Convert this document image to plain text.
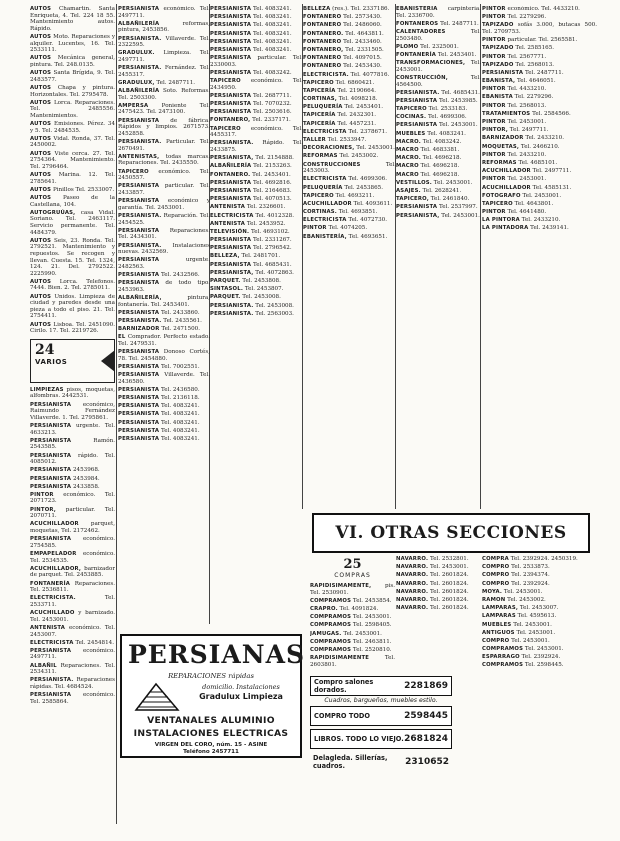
AUTOS Chamartín. Santa Enriqueta, 4. Tel. 224 18 55. Mantenimiento autos. Rápido.

AUTOS Moto. Reparaciones y alquiler. Lucentes, 16. Tel. 2533111.

AUTOS Mecánica general, pintura. Tel. 248.0135.

AUTOS Santa Brígida, 9. Tel. 2483577.

AUTOS Chapa y pintura. Horizontales. Tel. 2795478.

AUTOS Lorca. Reparaciones. Tel. 2485556. Mantenimientos.

AUTOS Emisiones. Pérez. 34 y 5. Tel. 2484535.

AUTOS Vidal. Ronda, 37. Tel. 2450002.

AUTOS Viste cerca. 27. Tel. 2754364. Mantenimiento. Tel. 2796464.

AUTOS Marina. 12. Tel. 2785641.

AUTOS Pinillos Tel. 2533007.

AUTOS Paseo de la Castellana, 104.

AUTOGRUÚAS, casa Vidal. Soriano. Tel. 2463117. Servicio permanente. Tel. 4484379.

AUTOS Seis, 23. Ronda. Tel. 2792521. Mantenimiento y repuestos. Se recogen y llevan. Cuesta. 15. Tel. 1324, 124. 21. Del. 2792522. 2225990.

AUTOS Lorca. Telefonos. 7444. Bien. 2. Tel. 2785011.

AUTOS Unidos. Limpieza de ciudad y paredes desde una pieza a todo el piso. 21. Tel. 2754411.

AUTOS Lisboa. Tel. 2451090. Cirilo. 17. Tel. 2219726.

24
VARIOS

LIMPIEZAS pisos, moquetas, alfombras. 2442531.

PERSIANISTA económico, Raimundo Fernández Villaverde. 1. Tel. 2795861.

PERSIANISTA urgente. Tel. 4633213.

PERSIANISTA	Ramón. 2543585.

PERSIANISTA rápido. Tel. 4085012.

PERSIANISTA 2453968.

PERSIANISTA 2453984.

PERSIANISTA 2433858.

PINTOR económico. Tel. 2071723.

PINTOR, particular. Tel. 2070711.

ACUCHILLADOR parquet, moquetas, Tel. 2172462.

PERSIANISTA económico. 2754585.

EMPAPELADOR económico. Tel. 2534535.

ACUCHILLADOR, barnizador de parquet. Tel. 2453885.

FONTANERÍA Reparaciones. Tel. 2536811.

ELECTRICISTA.	Tel. 2533711.

ACUCHILLADO y barnizado. Tel. 2453001.

ANTENISTA económico. Tel. 2453007.

ELECTRICISTA Tel. 2454814.

PERSIANISTA económico. 2497711.

ALBAÑIL Reparaciones. Tel. 2534311.

PERSIANISTA. Reparaciones rápidas. Tel. 4684524.

PERSIANISTA económico. Tel. 2585864.

PERSIANISTA económico. Tel. 2497711.

ALBAÑILERÍA	reformas, pintura, 2453856.

PERSIANISTA. Villaverde. Tel. 2322595.

GRADULUX. Limpieza. Tel. 2497711.

PERSIANISTA. Fernández. Tel. 2455317.

GRADULUX, Tel. 2487711.

ALBAÑILERÍA Soto. Reformas. Tel. 2503300.

AMPERSA Poniente Tel. 2475423. Tel. 2473100.

PERSIANISTA de fábrica. Rápidos y limpios. 2671573. 2452858.

PERSIANISTA. Particular. Tel. 2670491.

ANTENISTAS, todas marcas. Reparaciones. Tel. 2435550.

TAPICERO económico. Tel. 2450557.

PERSIANISTA particular. Tel. 2433857.

PERSIANISTA económico y garantía. Tel. 2453001.

PERSIANISTA. Reparación. Tel. 2454525.

PERSIANISTA Reparaciones. Tel. 2434301.

PERSIANISTA. Instalaciones nuevas. 2432569.

PERSIANISTA	urgente. 2482563.

PERSIANISTA Tel. 2432566.

PERSIANISTA de todo tipo. 2453963.

ALBAÑILERÍA,	pintura, fontanería. Tel. 2453401.

PERSIANISTA Tel. 2433860.

PERSIANISTA. Tel. 2435561.

BARNIZADOR Tel. 2471500.

EL Comprador. Perfecto estado. Tel. 2479531.

PERSIANISTA Donoso Cortés, 78. Tel. 2454880.

PERSIANISTA Tel. 7002551.

PERSIANISTA Villaverde. Tel. 2436580.

PERSIANISTA Tel. 2436580.

PERSIANISTA Tel. 2136118.

PERSIANISTA Tel. 4083241.

PERSIANISTA Tel. 4083241.

PERSIANISTA Tel. 4083241.

PERSIANISTA Tel. 4083241.

PERSIANISTA Tel. 4083241.

PERSIANISTA Tel. 4083241.

PERSIANISTA Tel. 4083241.

PERSIANISTA Tel. 4083241.

PERSIANISTA Tel. 4083241.

PERSIANISTA Tel. 4083241.

PERSIANISTA Tel. 4083241.

PERSIANISTA particular. Tel. 2330003.

PERSIANISTA Tel. 4083242.

TAPICERO económico. Tel. 2434950.

PERSIANISTA Tel. 2687711.

PERSIANISTA Tel. 7070232.

PERSIANISTA Tel. 2503616.

FONTANERO, Tel. 2337171.

TAPICERO económico. Tel. 4455317.

PERSIANISTA. Rápido. Tel. 2433875.

PERSIANISTA, Tel. 2154888.

ALBAÑILERÍA Tel. 2153263.

FONTANERO. Tel. 2453401.

PERSIANISTA Tel. 4692816.

PERSIANISTA Tel. 2164683.

PERSIANISTA Tel. 4070513.

ANTENISTA Tel. 2326601.

ELECTRICISTA Tel. 4012328.

ANTENISTA Tel. 2453952.

TELEVISIÓN. Tel. 4693102.

PERSIANISTA Tel. 2331267.

PERSIANISTA Tel. 2796542.

BELLEZA, Tel. 2481701.

PERSIANISTA Tel. 4685431.

PERSIANISTA, Tel. 4072863.

PARQUET. Tel. 2453808.

SINTASOL. Tel. 2453807.

PARQUET. Tel. 2453008.

PERSIANISTA. Tel. 2453008.

PERSIANISTA. Tel. 2563003.

BELLEZA (res.). Tel. 2337186.

FONTANERO Tel. 2573430.

FONTANERO Tel. 2486060.

FONTANERO. Tel. 4643811.

FONTANERO Tel. 2433460.

FONTANERO, Tel. 2331505.

FONTANERO Tel. 4097015.

FONTANERO Tel. 2453430.

ELECTRICISTA. Tel. 4077816.

TAPICERO Tel. 6860421.

TAPICERÍA Tel. 2190664.

CORTINAS, Tel. 4098218.

PELUQUERÍA Tel. 2453401.

TAPICERÍA Tel. 2432301.

TAPICERÍA Tel. 4457231.

ELECTRICISTA Tel. 2378671.

TALLER Tel. 2533947.

DECORACIONES, Tel. 2453001.

REFORMAS Tel. 2453002.

CONSTRUCCIONES	Tel. 2453003.

ELECTRICISTA Tel. 4699306.

PELUQUERÍA Tel. 2453865.

TAPICERO Tel. 4693211.

ACUCHILLADOR Tel. 4093611.

CORTINAS. Tel. 4693851.

ELECTRICISTA Tel. 4072730.

PINTOR Tel. 4074205.

EBANISTERÍA, Tel. 4693651.

EBANISTERÍA carpintería. Tel. 2336700.

FONTANEROS Tel. 2487711.

CALENTADORES	Tel. 2503480.

PLOMO Tel. 2325001.

FONTANERÍA Tel. 2453401.

TRANSFORMACIONES, Tel. 2453001.

CONSTRUCCIÓN,	Tel. 4564500.

PERSIANISTA. Tel. 4685431.

PERSIANISTA Tel. 2453985.

TAPICERO Tel. 2533183.

COCINAS. Tel. 4699306.

PERSIANISTA Tel. 2453001.

MUEBLES Tel. 4083241.

MACRO. Tel. 4083242.

MACRO Tel. 4683381.

MACRO. Tel. 4696218.

MACRO Tel. 4696218.

MACRO Tel. 4696218.

VESTILLOS. Tel. 2453001.

ASAJES. Tel. 2628241.

TAPICERO, Tel. 2461840.

PERSIANISTA Tel. 2537997.

PERSIANISTA, Tel. 2453001.

PINTOR económico. Tel. 4433210.

PINTOR Tel. 2279296.

TAPIZADO sofás 3.000, butacas 500. Tel. 2709753.

PINTOR particular. Tel. 2565581.

TAPIZADO Tel. 2585165.

PINTOR Tel. 2567771.

TAPIZADO Tel. 2568013.

PERSIANISTA Tel. 2487711.

EBANISTA, Tel. 4646051.

PINTOR Tel. 4433210.

EBANISTA Tel. 2279296.

PINTOR Tel. 2568013.

TRATAMIENTOS Tel. 2584566.

PINTOR Tel. 2453001.

PINTOR, Tel. 2497711.

BARNIZADOR Tel. 2433210.

MOQUETAS, Tel. 2466210.

PINTOR Tel. 2433210.

REFORMAS Tel. 4685101.

ACUCHILLADOR Tel. 2497711.

PINTOR Tel. 2453001.

ACUCHILLADOR Tel. 4585131.

FOTOGRAFO Tel. 2453001.

TAPICERO Tel. 4643801.

PINTOR Tel. 4641480.

LA PINTORA Tel. 2433210.

LA PINTADORA Tel. 2439141.

VI. OTRAS SECCIONES
25
COMPRAS

RAPIDISIMAMENTE, pis. Tel. 2530901.

COMPRAMOS Tel. 2453854.

CRAPRO. Tel. 4091824.

COMPRAMOS Tel. 2453001.

COMPRAMOS Tel. 2598405.

JAMUGAS. Tel. 2453001.

COMPRAMOS Tel. 2463811.

COMPRAMOS Tel. 2520810.

RAPIDISIMAMENTE	Tel. 2603801.

NAVARRO. Tel. 2532801.

NAVARRO. Tel. 2453001.

NAVARRO. Tel. 2601824.

NAVARRO. Tel. 2601824.

NAVARRO. Tel. 2601824.

NAVARRO. Tel. 2601824.

NAVARRO. Tel. 2601824.

COMPRA Tel. 2392924. 2450319.

COMPRO Tel. 2533873.

COMPRO Tel. 2394374.

COMPRO Tel. 2392924.

MOYA. Tel. 2453001.

RAMON Tel. 2453002.

LAMPARAS, Tel. 2453007.

LAMPARAS Tel. 4595613.

MUEBLES Tel. 2453001.

ANTIGUOS Tel. 2453001.

COMPRO Tel. 2453001.

COMPRAMOS Tel. 2453001.

ESPARRAGO Tel. 2392924.

COMPRAMOS Tel. 2598445.

Compro salones dorados.	2281869
Cuadros, bargueños, muebles estilo.
COMPRO TODO	2598445
LIBROS. TODO LO VIEJO. 2681824
Delagleda. Sillerías, cuadros.	2310652
PERSIANAS
REPARACIONES rápidas
domicilio. Instalaciones
Gradulux Limpieza
VENTANALES ALUMINIO
INSTALACIONES ELECTRICAS
VIRGEN DEL CORO, núm. 15 - ASINE
Teléfono 2457711
